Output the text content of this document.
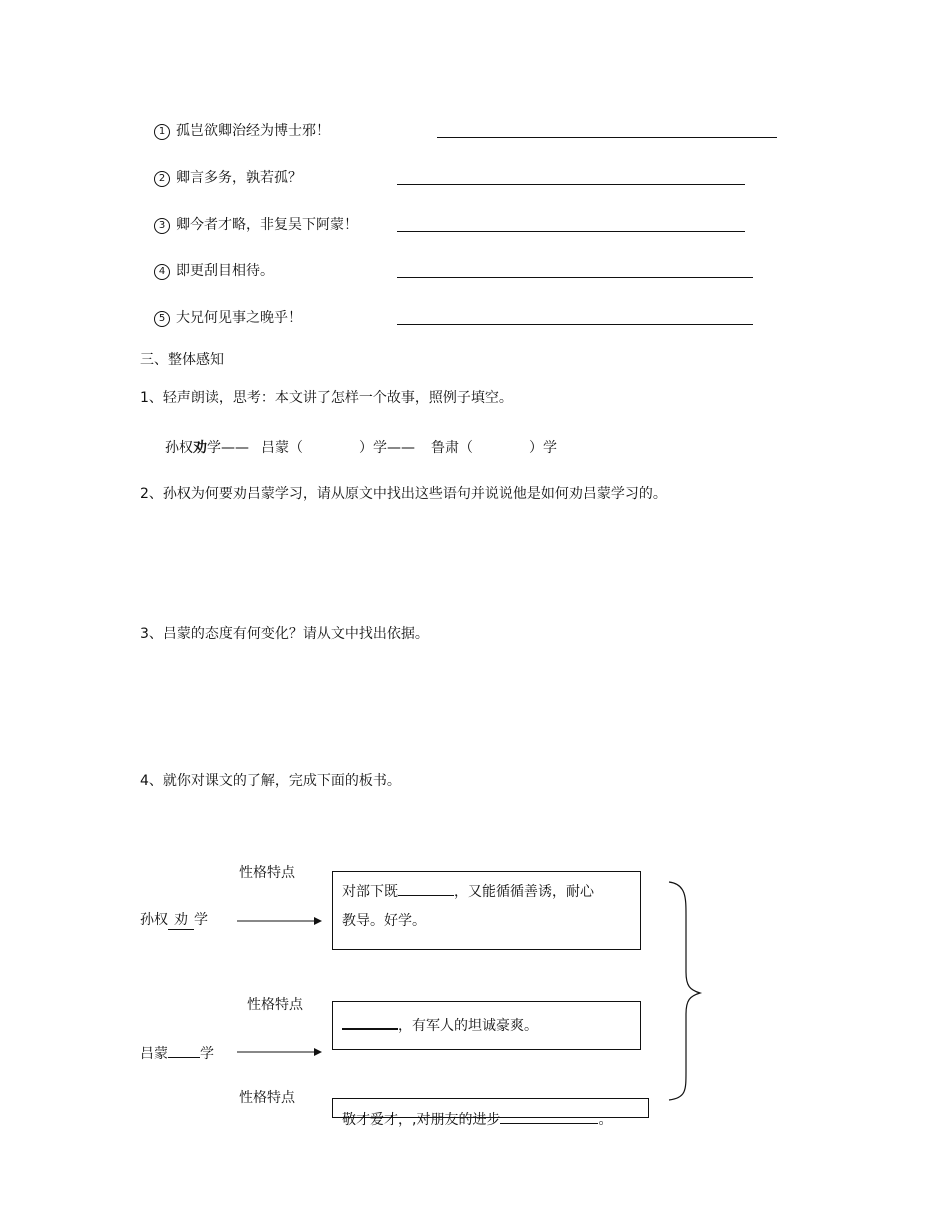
1 孤岂欲卿治经为博士邪！
2 卿言多务，孰若孤？
3 卿今者才略，非复吴下阿蒙！
4 即更刮目相待。
5 大兄何见事之晚乎！
三、整体感知
1、轻声朗读，思考：本文讲了怎样一个故事，照例子填空。
孙权劝学—— 吕蒙（	）学—— 鲁肃（	）学
2、孙权为何要劝吕蒙学习，请从原文中找出这些语句并说说他是如何劝吕蒙学习的。
3、吕蒙的态度有何变化？请从文中找出依据。
4、就你对课文的了解，完成下面的板书。
性格特点
性格特点
性格特点
孙权 劝 学
吕蒙 学
对部下既	，又能循循善诱，耐心
教导。好学。
，有军人的坦诚豪爽。
敬才爱才，,对朋友的进步	。
